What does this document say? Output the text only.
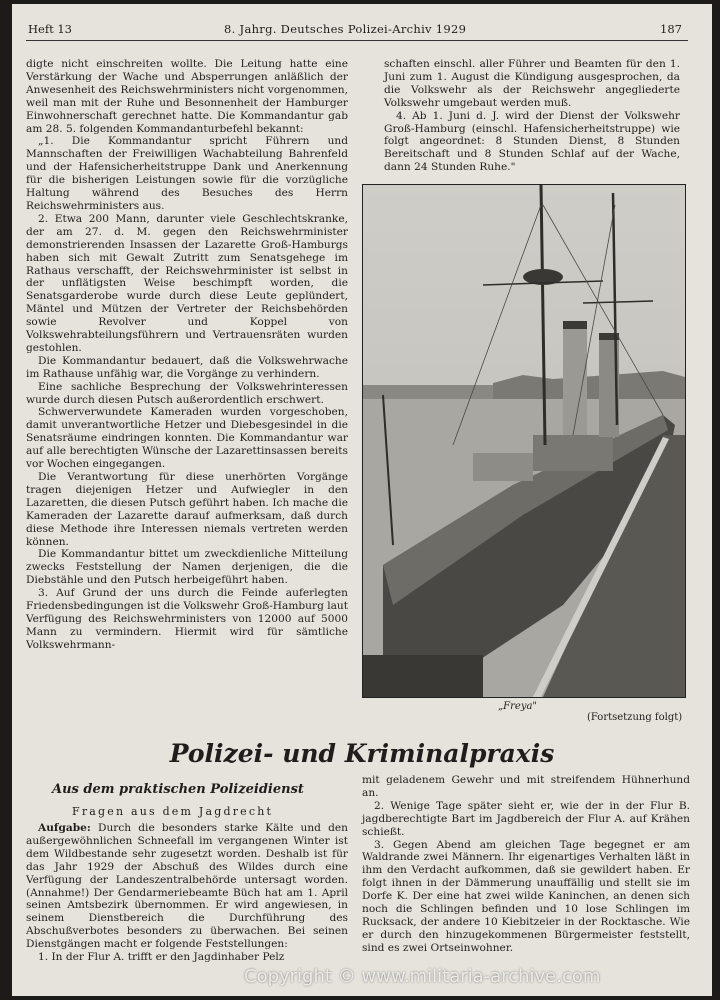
Heft 13	8. Jahrg. Deutsches Polizei-Archiv 1929	187

digte nicht einschreiten wollte. Die Leitung hatte eine Verstärkung der Wache und Absperrungen anläßlich der Anwesenheit des Reichswehrministers nicht vorgenommen, weil man mit der Ruhe und Besonnenheit der Hamburger Einwohnerschaft gerechnet hatte. Die Kommandantur gab am 28. 5. folgenden Kommandanturbefehl bekannt:

„1. Die Kommandantur spricht Führern und Mannschaften der Freiwilligen Wachabteilung Bahrenfeld und der Hafensicherheitstruppe Dank und Anerkennung für die bisherigen Leistungen sowie für die vorzügliche Haltung während des Besuches des Herrn Reichswehrministers aus.

2. Etwa 200 Mann, darunter viele Geschlechtskranke, der am 27. d. M. gegen den Reichswehrminister demonstrierenden Insassen der Lazarette Groß-Hamburgs haben sich mit Gewalt Zutritt zum Senatsgehege im Rathaus verschafft, der Reichswehrminister ist selbst in der unflätigsten Weise beschimpft worden, die Senatsgarderobe wurde durch diese Leute geplündert, Mäntel und Mützen der Vertreter der Reichsbehörden sowie Revolver und Koppel von Volkswehrabteilungsführern und Vertrauensräten wurden gestohlen.

Die Kommandantur bedauert, daß die Volkswehrwache im Rathause unfähig war, die Vorgänge zu verhindern.

Eine sachliche Besprechung der Volkswehrinteressen wurde durch diesen Putsch außerordentlich erschwert.

Schwerverwundete Kameraden wurden vorgeschoben, damit unverantwortliche Hetzer und Diebesgesindel in die Senatsräume eindringen konnten. Die Kommandantur war auf alle berechtigten Wünsche der Lazarettinsassen bereits vor Wochen eingegangen.

Die Verantwortung für diese unerhörten Vorgänge tragen diejenigen Hetzer und Aufwiegler in den Lazaretten, die diesen Putsch geführt haben. Ich mache die Kameraden der Lazarette darauf aufmerksam, daß durch diese Methode ihre Interessen niemals vertreten werden können.

Die Kommandantur bittet um zweckdienliche Mitteilung zwecks Feststellung der Namen derjenigen, die die Diebstähle und den Putsch herbeigeführt haben.

3. Auf Grund der uns durch die Feinde auferlegten Friedensbedingungen ist die Volkswehr Groß-Hamburg laut Verfügung des Reichswehrministers von 12000 auf 5000 Mann zu vermindern. Hiermit wird für sämtliche Volkswehrmann-

schaften einschl. aller Führer und Beamten für den 1. Juni zum 1. August die Kündigung ausgesprochen, da die Volkswehr als der Reichswehr angegliederte Volkswehr umgebaut werden muß.

4. Ab 1. Juni d. J. wird der Dienst der Volkswehr Groß-Hamburg (einschl. Hafensicherheitstruppe) wie folgt angeordnet: 8 Stunden Dienst, 8 Stunden Bereitschaft und 8 Stunden Schlaf auf der Wache, dann 24 Stunden Ruhe."

„Freya"
(Fortsetzung folgt)
Polizei- und Kriminalpraxis
Aus dem praktischen Polizeidienst
Fragen aus dem Jagdrecht

Aufgabe: Durch die besonders starke Kälte und den außergewöhnlichen Schneefall im vergangenen Winter ist dem Wildbestande sehr zugesetzt worden. Deshalb ist für das Jahr 1929 der Abschuß des Wildes durch eine Verfügung der Landeszentralbehörde untersagt worden. (Annahme!) Der Gendarmeriebeamte Büch hat am 1. April seinen Amtsbezirk übernommen. Er wird angewiesen, in seinem Dienstbereich die Durchführung des Abschußverbotes besonders zu überwachen. Bei seinen Dienstgängen macht er folgende Feststellungen:

1. In der Flur A. trifft er den Jagdinhaber Pelz

mit geladenem Gewehr und mit streifendem Hühnerhund an.

2. Wenige Tage später sieht er, wie der in der Flur B. jagdberechtigte Bart im Jagdbereich der Flur A. auf Krähen schießt.

3. Gegen Abend am gleichen Tage begegnet er am Waldrande zwei Männern. Ihr eigenartiges Verhalten läßt in ihm den Verdacht aufkommen, daß sie gewildert haben. Er folgt ihnen in der Dämmerung unauffällig und stellt sie im Dorfe K. Der eine hat zwei wilde Kaninchen, an denen sich noch die Schlingen befinden und 10 lose Schlingen im Rucksack, der andere 10 Kiebitzeier in der Rocktasche. Wie er durch den hinzugekommenen Bürgermeister feststellt, sind es zwei Ortseinwohner.

Copyright © www.militaria-archive.com
